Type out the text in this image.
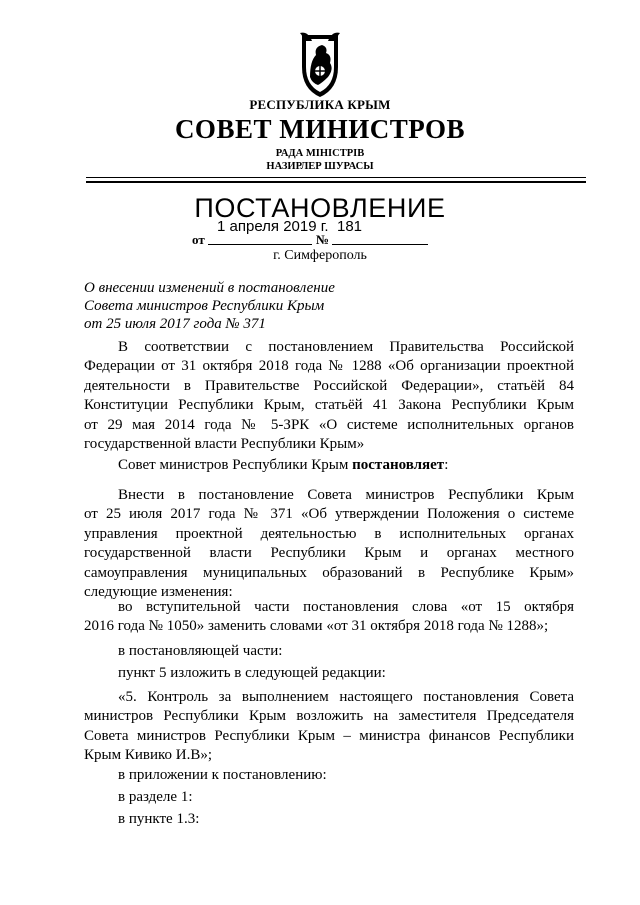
РЕСПУБЛИКА КРЫМ
СОВЕТ МИНИСТРОВ
РАДА МІНІСТРІВ
НАЗИРЛЕР ШУРАСЫ
ПОСТАНОВЛЕНИЕ
1 апреля 2019 г. 181
от	№
г. Симферополь
О внесении изменений в постановление
Совета министров Республики Крым
от 25 июля 2017 года № 371
В соответствии с постановлением Правительства Российской
Федерации от 31 октября 2018 года № 1288 «Об организации проектной
деятельности в Правительстве Российской Федерации», статьёй 84
Конституции Республики Крым, статьёй 41 Закона Республики Крым
от 29 мая 2014 года № 5-ЗРК «О системе исполнительных органов
государственной власти Республики Крым»
Совет министров Республики Крым постановляет:
Внести в постановление Совета министров Республики Крым
от 25 июля 2017 года № 371 «Об утверждении Положения о системе
управления проектной деятельностью в исполнительных органах
государственной власти Республики Крым и органах местного
самоуправления муниципальных образований в Республике Крым»
следующие изменения:
во вступительной части постановления слова «от 15 октября
2016 года № 1050» заменить словами «от 31 октября 2018 года № 1288»;
в постановляющей части:
пункт 5 изложить в следующей редакции:
«5. Контроль за выполнением настоящего постановления Совета
министров Республики Крым возложить на заместителя Председателя
Совета министров Республики Крым – министра финансов Республики
Крым Кивико И.В»;
в приложении к постановлению:
в разделе 1:
в пункте 1.3:
